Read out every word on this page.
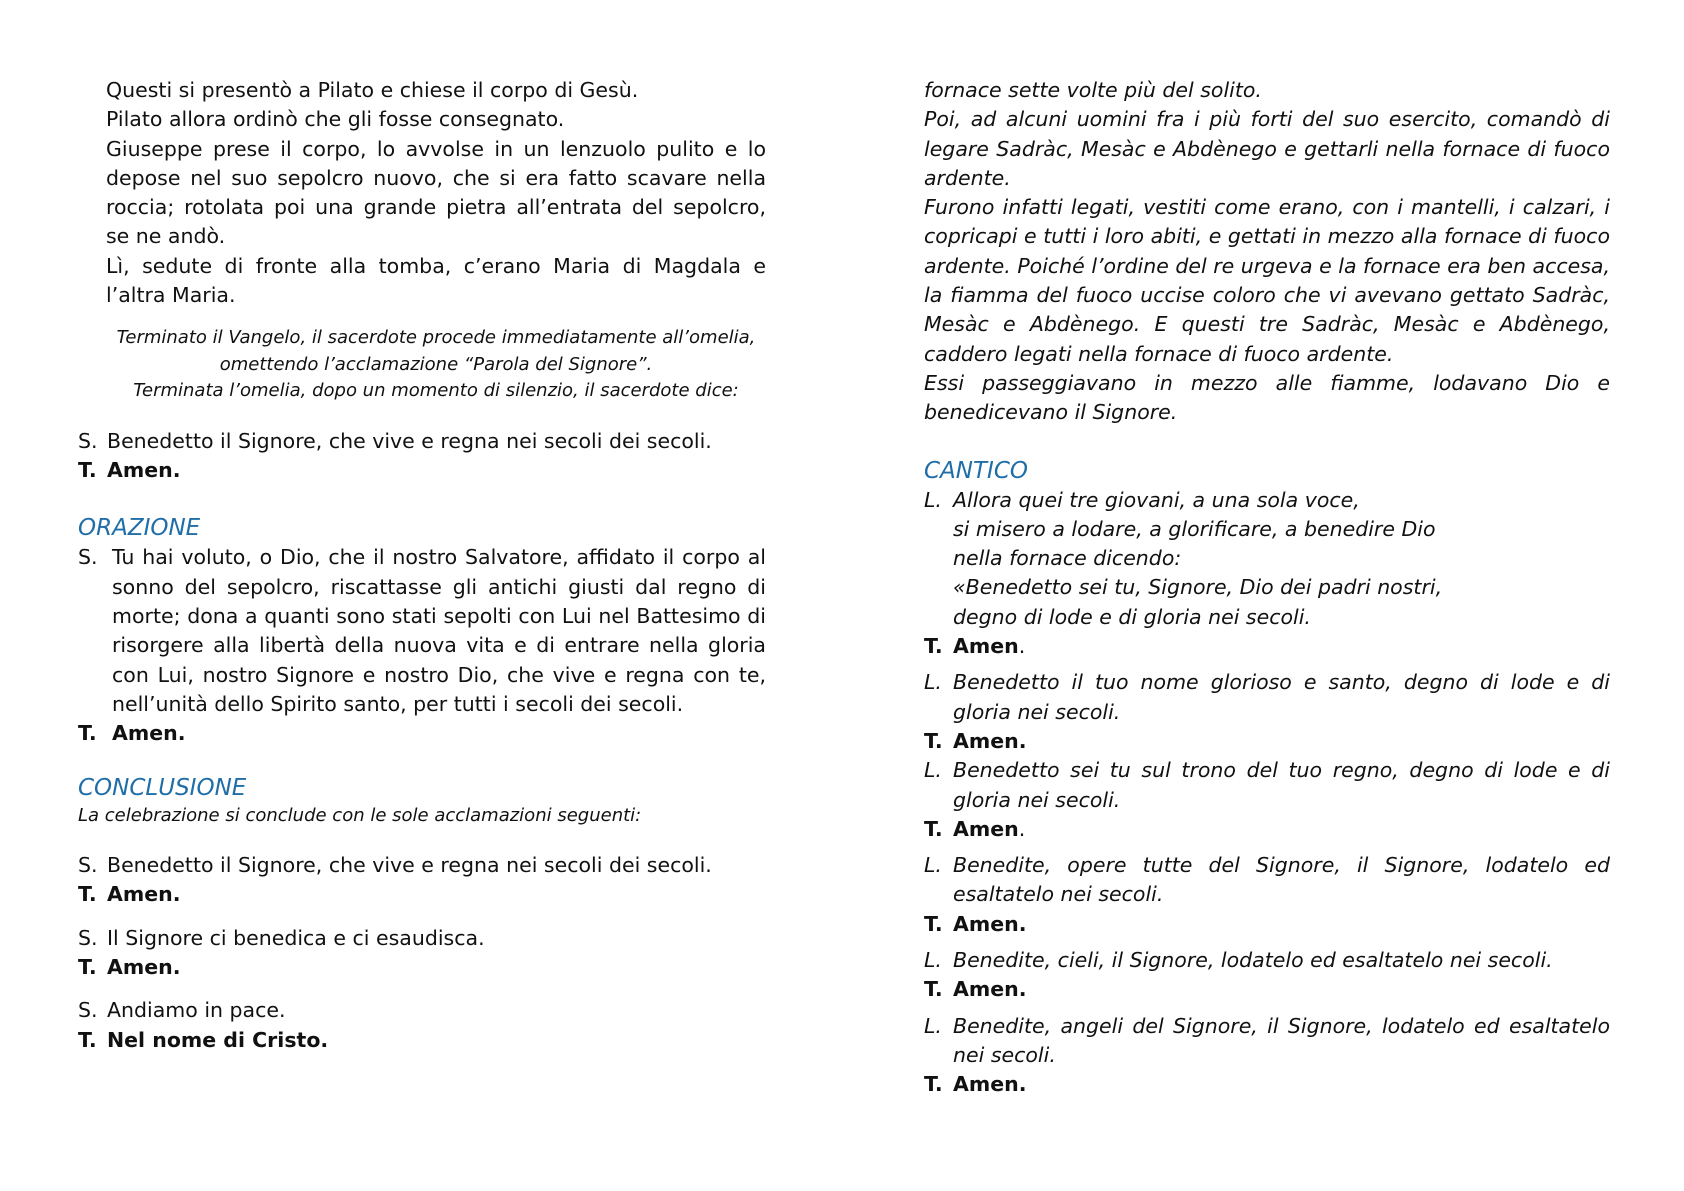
Questi si presentò a Pilato e chiese il corpo di Gesù.

Pilato allora ordinò che gli fosse consegnato.

Giuseppe prese il corpo, lo avvolse in un lenzuolo pulito e lo depose nel suo sepolcro nuovo, che si era fatto scavare nella roccia; rotolata poi una grande pietra all’entrata del sepolcro, se ne andò.

Lì, sedute di fronte alla tomba, c’erano Maria di Magdala e l’altra Maria.

Terminato il Vangelo, il sacerdote procede immediatamente all’omelia,

omettendo l’acclamazione “Parola del Signore”.

Terminata l’omelia, dopo un momento di silenzio, il sacerdote dice:

S. Benedetto il Signore, che vive e regna nei secoli dei secoli.
T. Amen.

ORAZIONE

S. Tu hai voluto, o Dio, che il nostro Salvatore, affidato il corpo al sonno del sepolcro, riscattasse gli antichi giusti dal regno di morte; dona a quanti sono stati sepolti con Lui nel Battesimo di risorgere alla libertà della nuova vita e di entrare nella gloria con Lui, nostro Signore e nostro Dio, che vive e regna con te, nell’unità dello Spirito santo, per tutti i secoli dei secoli.
T. Amen.

CONCLUSIONE

La celebrazione si conclude con le sole acclamazioni seguenti:

S. Benedetto il Signore, che vive e regna nei secoli dei secoli.
T. Amen.
S. Il Signore ci benedica e ci esaudisca.
T. Amen.
S. Andiamo in pace.
T. Nel nome di Cristo.

fornace sette volte più del solito.

Poi, ad alcuni uomini fra i più forti del suo esercito, comandò di legare Sadràc, Mesàc e Abdènego e gettarli nella fornace di fuoco ardente.

Furono infatti legati, vestiti come erano, con i mantelli, i calzari, i copricapi e tutti i loro abiti, e gettati in mezzo alla fornace di fuoco ardente. Poiché l’ordine del re urgeva e la fornace era ben accesa, la fiamma del fuoco uccise coloro che vi avevano gettato Sadràc, Mesàc e Abdènego. E questi tre Sadràc, Mesàc e Abdènego, caddero legati nella fornace di fuoco ardente.

Essi passeggiavano in mezzo alle fiamme, lodavano Dio e benedicevano il Signore.

CANTICO

L. Allora quei tre giovani, a una sola voce,
si misero a lodare, a glorificare, a benedire Dio
nella fornace dicendo:
«Benedetto sei tu, Signore, Dio dei padri nostri,
degno di lode e di gloria nei secoli.
T. Amen.
L. Benedetto il tuo nome glorioso e santo, degno di lode e di gloria nei secoli.
T. Amen.
L. Benedetto sei tu sul trono del tuo regno, degno di lode e di gloria nei secoli.
T. Amen.
L. Benedite, opere tutte del Signore, il Signore, lodatelo ed esaltatelo nei secoli.
T. Amen.
L. Benedite, cieli, il Signore, lodatelo ed esaltatelo nei secoli.
T. Amen.
L. Benedite, angeli del Signore, il Signore, lodatelo ed esaltatelo nei secoli.
T. Amen.
